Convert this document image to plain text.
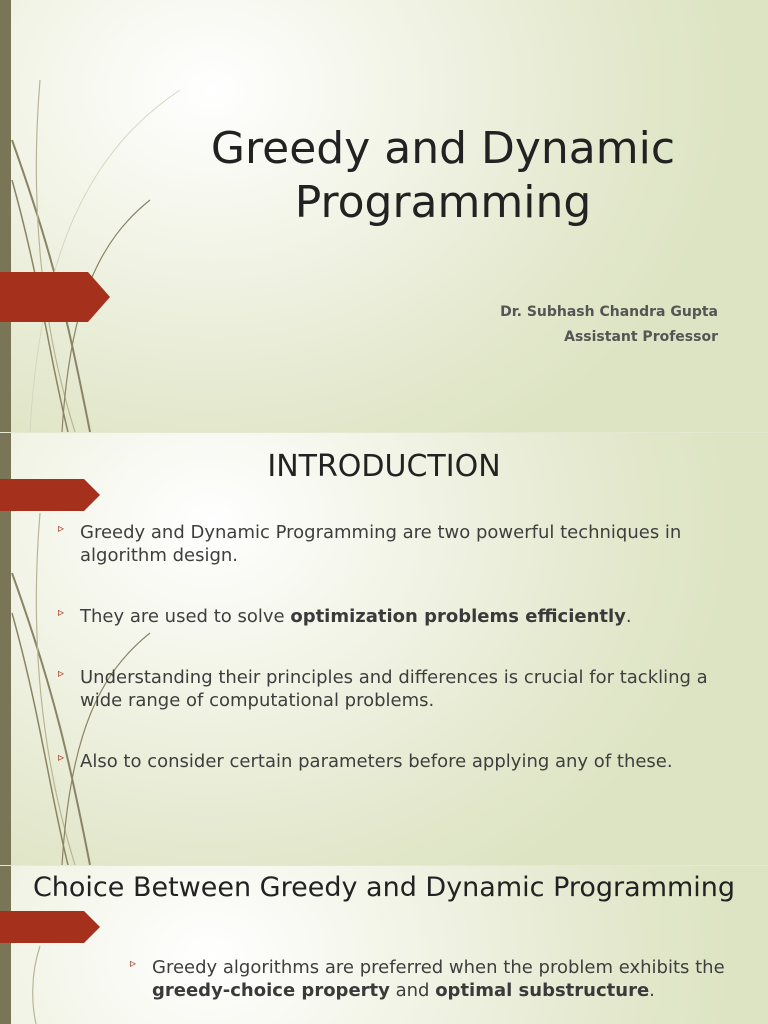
Greedy and Dynamic Programming
Dr. Subhash Chandra Gupta
Assistant Professor
INTRODUCTION
▹ Greedy and Dynamic Programming are two powerful techniques in algorithm design.
▹ They are used to solve optimization problems efficiently.
▹ Understanding their principles and differences is crucial for tackling a wide range of computational problems.
▹ Also to consider certain parameters before applying any of these.
Choice Between Greedy and Dynamic Programming
▹ Greedy algorithms are preferred when the problem exhibits the greedy-choice property and optimal substructure.
